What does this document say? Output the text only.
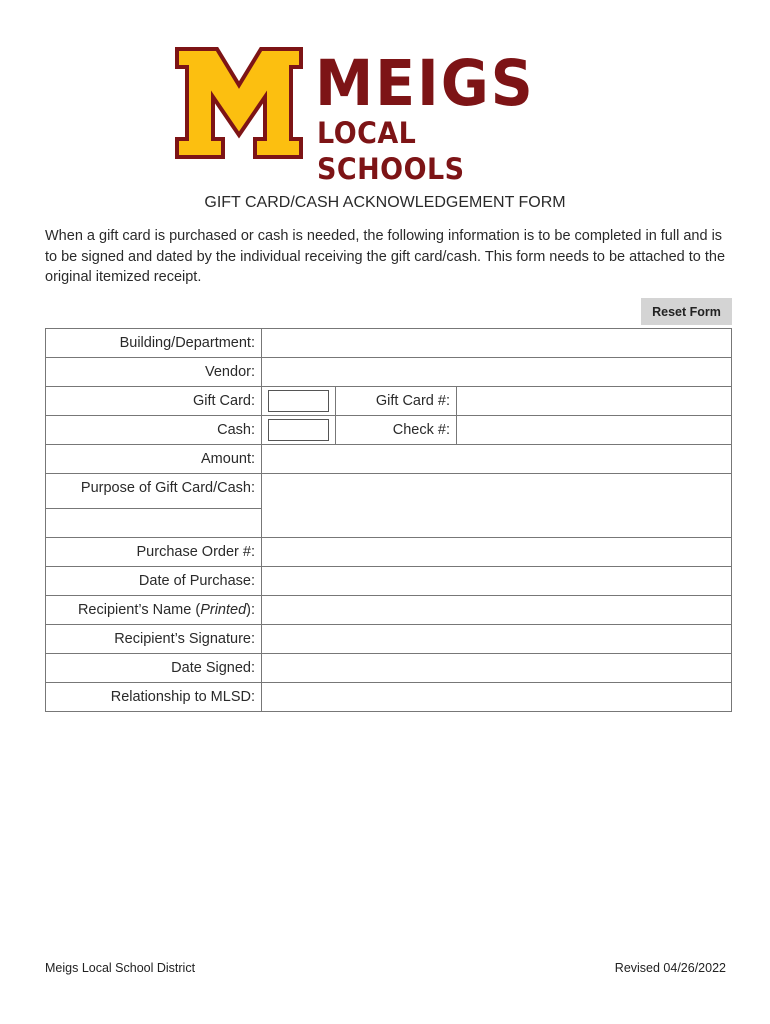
MEIGS
LOCAL SCHOOLS
GIFT CARD/CASH ACKNOWLEDGEMENT FORM
When a gift card is purchased or cash is needed, the following information is to be completed in full and is to be signed and dated by the individual receiving the gift card/cash. This form needs to be attached to the original itemized receipt.
Reset Form
Building/Department:			
Vendor:			
Gift Card:		Gift Card #:	
Cash:		Check #:	
Amount:			
Purpose of Gift Card/Cash:			

Purchase Order #:			
Date of Purchase:			
Recipient’s Name (Printed):			
Recipient’s Signature:			
Date Signed:			
Relationship to MLSD:			
Meigs Local School District	Revised 04/26/2022
